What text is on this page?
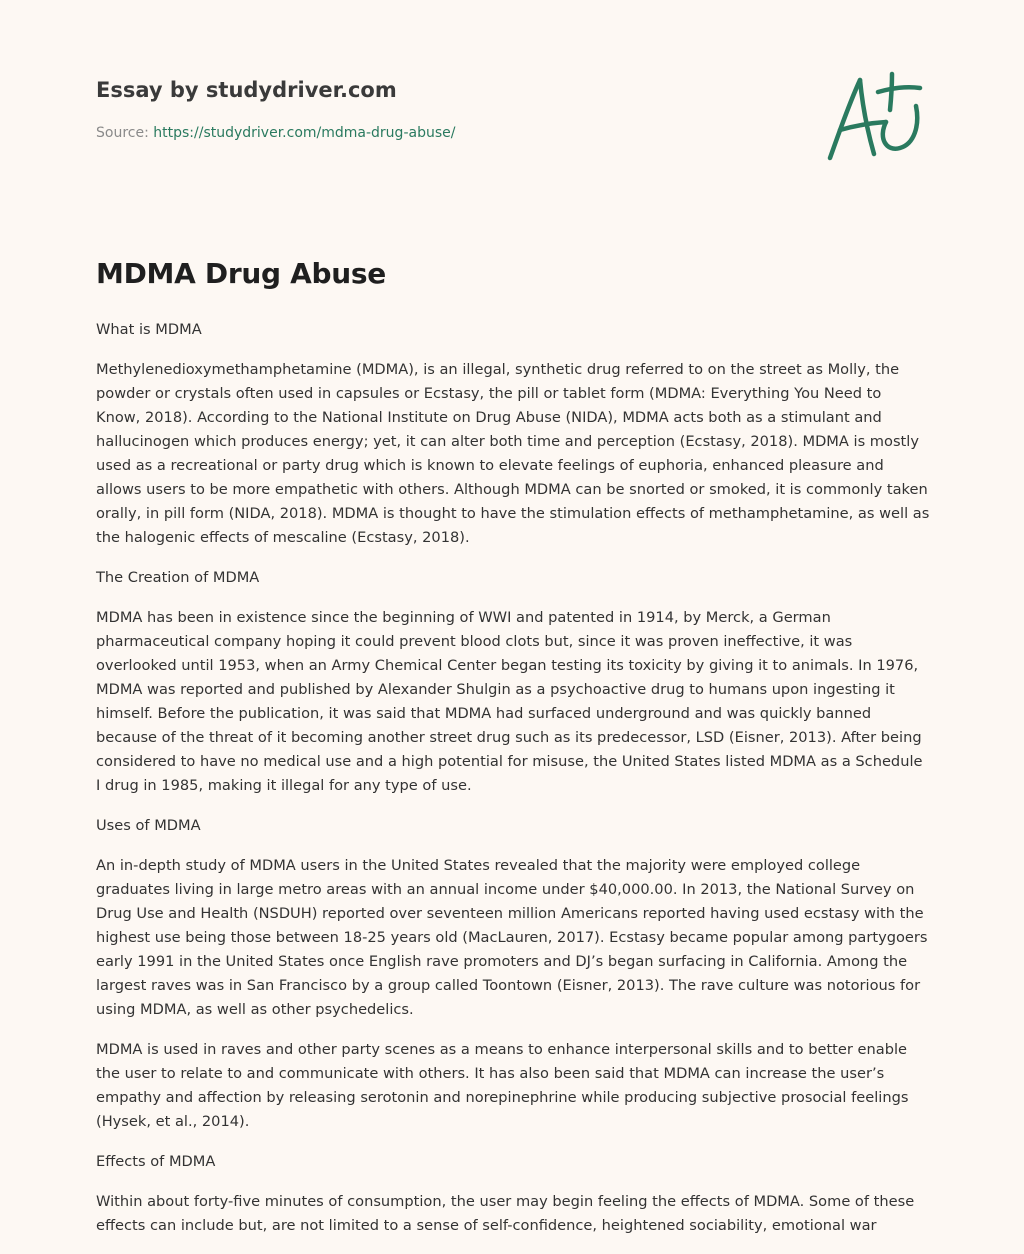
Essay by studydriver.com
Source: https://studydriver.com/mdma-drug-abuse/
MDMA Drug Abuse

What is MDMA

Methylenedioxymethamphetamine (MDMA), is an illegal, synthetic drug referred to on the street as Molly, the powder or crystals often used in capsules or Ecstasy, the pill or tablet form (MDMA: Everything You Need to Know, 2018). According to the National Institute on Drug Abuse (NIDA), MDMA acts both as a stimulant and hallucinogen which produces energy; yet, it can alter both time and perception (Ecstasy, 2018). MDMA is mostly used as a recreational or party drug which is known to elevate feelings of euphoria, enhanced pleasure and allows users to be more empathetic with others. Although MDMA can be snorted or smoked, it is commonly taken orally, in pill form (NIDA, 2018). MDMA is thought to have the stimulation effects of methamphetamine, as well as the halogenic effects of mescaline (Ecstasy, 2018).

The Creation of MDMA

MDMA has been in existence since the beginning of WWI and patented in 1914, by Merck, a German pharmaceutical company hoping it could prevent blood clots but, since it was proven ineffective, it was overlooked until 1953, when an Army Chemical Center began testing its toxicity by giving it to animals. In 1976, MDMA was reported and published by Alexander Shulgin as a psychoactive drug to humans upon ingesting it himself. Before the publication, it was said that MDMA had surfaced underground and was quickly banned because of the threat of it becoming another street drug such as its predecessor, LSD (Eisner, 2013). After being considered to have no medical use and a high potential for misuse, the United States listed MDMA as a Schedule I drug in 1985, making it illegal for any type of use.

Uses of MDMA

An in-depth study of MDMA users in the United States revealed that the majority were employed college graduates living in large metro areas with an annual income under $40,000.00. In 2013, the National Survey on Drug Use and Health (NSDUH) reported over seventeen million Americans reported having used ecstasy with the highest use being those between 18-25 years old (MacLauren, 2017). Ecstasy became popular among partygoers early 1991 in the United States once English rave promoters and DJ’s began surfacing in California. Among the largest raves was in San Francisco by a group called Toontown (Eisner, 2013). The rave culture was notorious for using MDMA, as well as other psychedelics.

MDMA is used in raves and other party scenes as a means to enhance interpersonal skills and to better enable the user to relate to and communicate with others. It has also been said that MDMA can increase the user’s empathy and affection by releasing serotonin and norepinephrine while producing subjective prosocial feelings (Hysek, et al., 2014).

Effects of MDMA

Within about forty-five minutes of consumption, the user may begin feeling the effects of MDMA. Some of these effects can include but, are not limited to a sense of self-confidence, heightened sociability, emotional war
